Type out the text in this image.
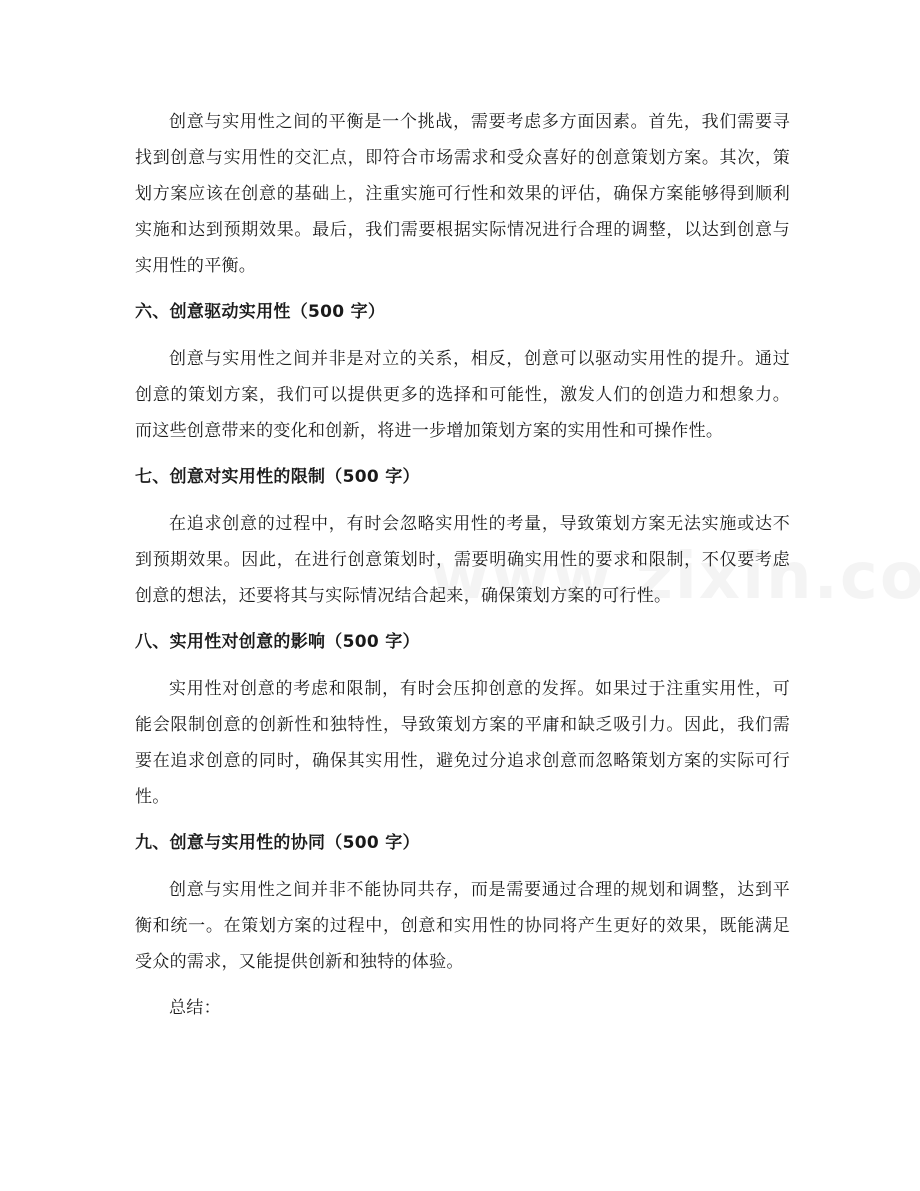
创意与实用性之间的平衡是一个挑战，需要考虑多方面因素。首先，我们需要寻找到创意与实用性的交汇点，即符合市场需求和受众喜好的创意策划方案。其次，策划方案应该在创意的基础上，注重实施可行性和效果的评估，确保方案能够得到顺利实施和达到预期效果。最后，我们需要根据实际情况进行合理的调整，以达到创意与实用性的平衡。

六、创意驱动实用性（500 字）

创意与实用性之间并非是对立的关系，相反，创意可以驱动实用性的提升。通过创意的策划方案，我们可以提供更多的选择和可能性，激发人们的创造力和想象力。而这些创意带来的变化和创新，将进一步增加策划方案的实用性和可操作性。

七、创意对实用性的限制（500 字）

在追求创意的过程中，有时会忽略实用性的考量，导致策划方案无法实施或达不到预期效果。因此，在进行创意策划时，需要明确实用性的要求和限制，不仅要考虑创意的想法，还要将其与实际情况结合起来，确保策划方案的可行性。

八、实用性对创意的影响（500 字）

实用性对创意的考虑和限制，有时会压抑创意的发挥。如果过于注重实用性，可能会限制创意的创新性和独特性，导致策划方案的平庸和缺乏吸引力。因此，我们需要在追求创意的同时，确保其实用性，避免过分追求创意而忽略策划方案的实际可行性。

九、创意与实用性的协同（500 字）

创意与实用性之间并非不能协同共存，而是需要通过合理的规划和调整，达到平衡和统一。在策划方案的过程中，创意和实用性的协同将产生更好的效果，既能满足受众的需求，又能提供创新和独特的体验。

总结：
